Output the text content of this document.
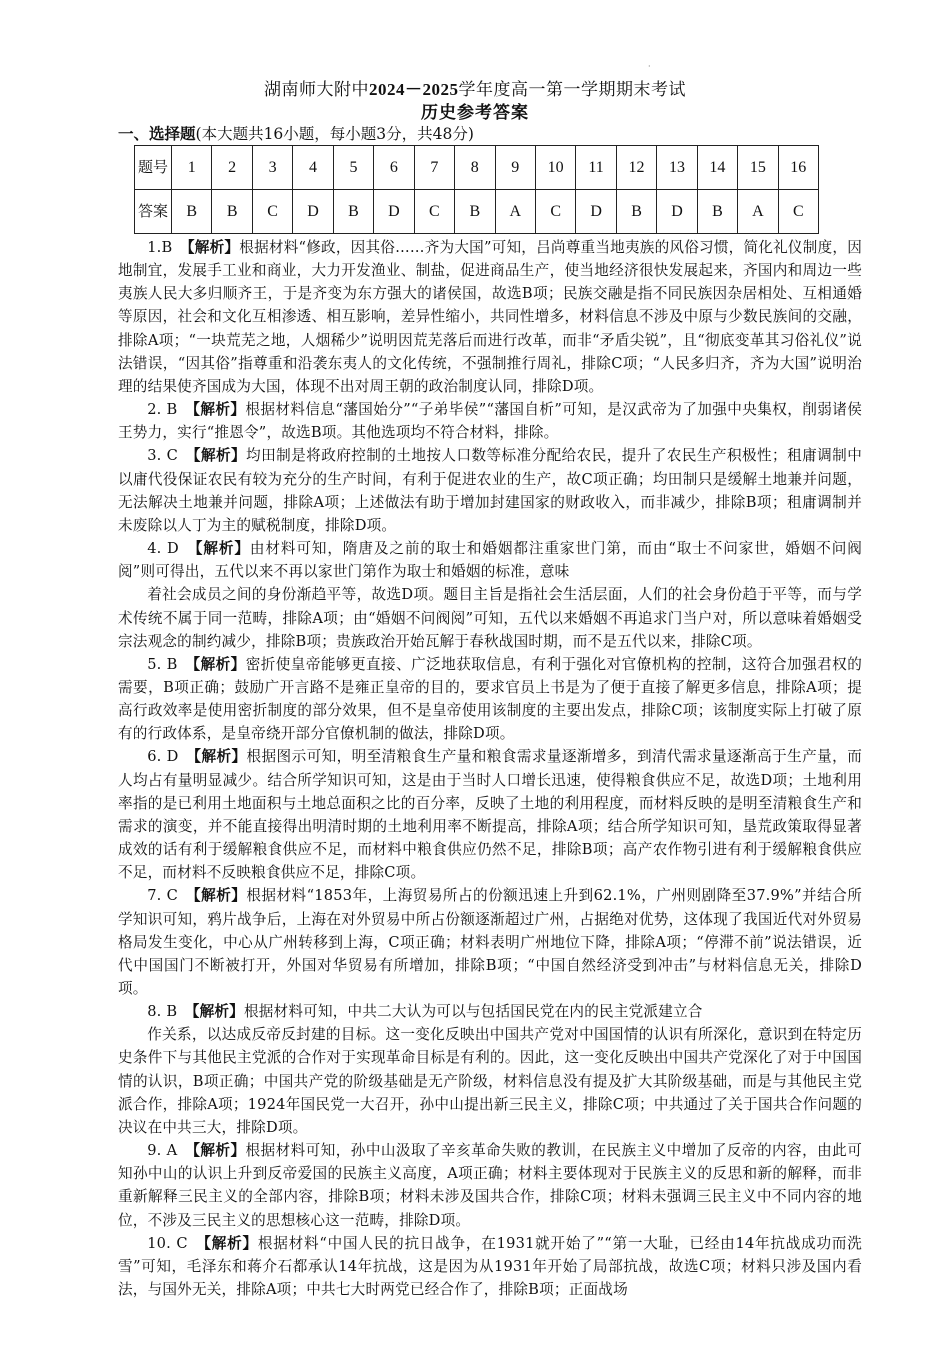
·
湖南师大附中2024－2025学年度高一第一学期期末考试
历史参考答案
一、选择题(本大题共16小题，每小题3分，共48分)
题号	1	2	3	4	5	6	7	8	9	10	11	12	13	14	15	16
答案	B	B	C	D	B	D	C	B	A	C	D	B	D	B	A	C

1.B　 【解析】根据材料“修政，因其俗……齐为大国”可知，吕尚尊重当地夷族的风俗习惯，简化礼仪制度，因地制宜，发展手工业和商业，大力开发渔业、制盐，促进商品生产，使当地经济很快发展起来，齐国内和周边一些夷族人民大多归顺齐王，于是齐变为东方强大的诸侯国，故选B项；民族交融是指不同民族因杂居相处、互相通婚等原因，社会和文化互相渗透、相互影响，差异性缩小，共同性增多，材料信息不涉及中原与少数民族间的交融，排除A项；“一块荒芜之地，人烟稀少”说明因荒芜落后而进行改革，而非“矛盾尖锐”，且“彻底变革其习俗礼仪”说法错误，“因其俗”指尊重和沿袭东夷人的文化传统，不强制推行周礼，排除C项；“人民多归齐，齐为大国”说明治理的结果使齐国成为大国，体现不出对周王朝的政治制度认同，排除D项。

2. B　 【解析】根据材料信息“藩国始分”“子弟毕侯”“藩国自析”可知，是汉武帝为了加强中央集权，削弱诸侯王势力，实行“推恩令”，故选B项。其他选项均不符合材料，排除。

3. C　 【解析】均田制是将政府控制的土地按人口数等标准分配给农民，提升了农民生产积极性；租庸调制中以庸代役保证农民有较为充分的生产时间，有利于促进农业的生产，故C项正确；均田制只是缓解土地兼并问题，无法解决土地兼并问题，排除A项；上述做法有助于增加封建国家的财政收入，而非减少，排除B项；租庸调制并未废除以人丁为主的赋税制度，排除D项。

4. D　 【解析】由材料可知，隋唐及之前的取士和婚姻都注重家世门第，而由“取士不问家世，婚姻不问阀阅”则可得出，五代以来不再以家世门第作为取士和婚姻的标准，意味

着社会成员之间的身份渐趋平等，故选D项。题目主旨是指社会生活层面，人们的社会身份趋于平等，而与学术传统不属于同一范畴，排除A项；由“婚姻不问阀阅”可知，五代以来婚姻不再追求门当户对，所以意味着婚姻受宗法观念的制约减少，排除B项；贵族政治开始瓦解于春秋战国时期，而不是五代以来，排除C项。

5. B　 【解析】密折使皇帝能够更直接、广泛地获取信息，有利于强化对官僚机构的控制，这符合加强君权的需要，B项正确；鼓励广开言路不是雍正皇帝的目的，要求官员上书是为了便于直接了解更多信息，排除A项；提高行政效率是使用密折制度的部分效果，但不是皇帝使用该制度的主要出发点，排除C项；该制度实际上打破了原有的行政体系，是皇帝绕开部分官僚机制的做法，排除D项。

6. D　 【解析】根据图示可知，明至清粮食生产量和粮食需求量逐渐增多，到清代需求量逐渐高于生产量，而人均占有量明显减少。结合所学知识可知，这是由于当时人口增长迅速，使得粮食供应不足，故选D项；土地利用率指的是已利用土地面积与土地总面积之比的百分率，反映了土地的利用程度，而材料反映的是明至清粮食生产和需求的演变，并不能直接得出明清时期的土地利用率不断提高，排除A项；结合所学知识可知，垦荒政策取得显著成效的话有利于缓解粮食供应不足，而材料中粮食供应仍然不足，排除B项；高产农作物引进有利于缓解粮食供应不足，而材料不反映粮食供应不足，排除C项。

7. C　 【解析】根据材料“1853年，上海贸易所占的份额迅速上升到62.1%，广州则剧降至37.9%”并结合所学知识可知，鸦片战争后，上海在对外贸易中所占份额逐渐超过广州，占据绝对优势，这体现了我国近代对外贸易格局发生变化，中心从广州转移到上海，C项正确；材料表明广州地位下降，排除A项；“停滞不前”说法错误，近代中国国门不断被打开，外国对华贸易有所增加，排除B项；“中国自然经济受到冲击”与材料信息无关，排除D项。

8. B　 【解析】根据材料可知，中共二大认为可以与包括国民党在内的民主党派建立合

作关系，以达成反帝反封建的目标。这一变化反映出中国共产党对中国国情的认识有所深化，意识到在特定历史条件下与其他民主党派的合作对于实现革命目标是有利的。因此，这一变化反映出中国共产党深化了对于中国国情的认识，B项正确；中国共产党的阶级基础是无产阶级，材料信息没有提及扩大其阶级基础，而是与其他民主党派合作，排除A项；1924年国民党一大召开，孙中山提出新三民主义，排除C项；中共通过了关于国共合作问题的决议在中共三大，排除D项。

9. A　 【解析】根据材料可知，孙中山汲取了辛亥革命失败的教训，在民族主义中增加了反帝的内容，由此可知孙中山的认识上升到反帝爱国的民族主义高度，A项正确；材料主要体现对于民族主义的反思和新的解释，而非重新解释三民主义的全部内容，排除B项；材料未涉及国共合作，排除C项；材料未强调三民主义中不同内容的地位，不涉及三民主义的思想核心这一范畴，排除D项。

10. C　 【解析】根据材料“中国人民的抗日战争，在1931就开始了”“第一大耻，已经由14年抗战成功而洗雪”可知，毛泽东和蒋介石都承认14年抗战，这是因为从1931年开始了局部抗战，故选C项；材料只涉及国内看法，与国外无关，排除A项；中共七大时两党已经合作了，排除B项；正面战场
